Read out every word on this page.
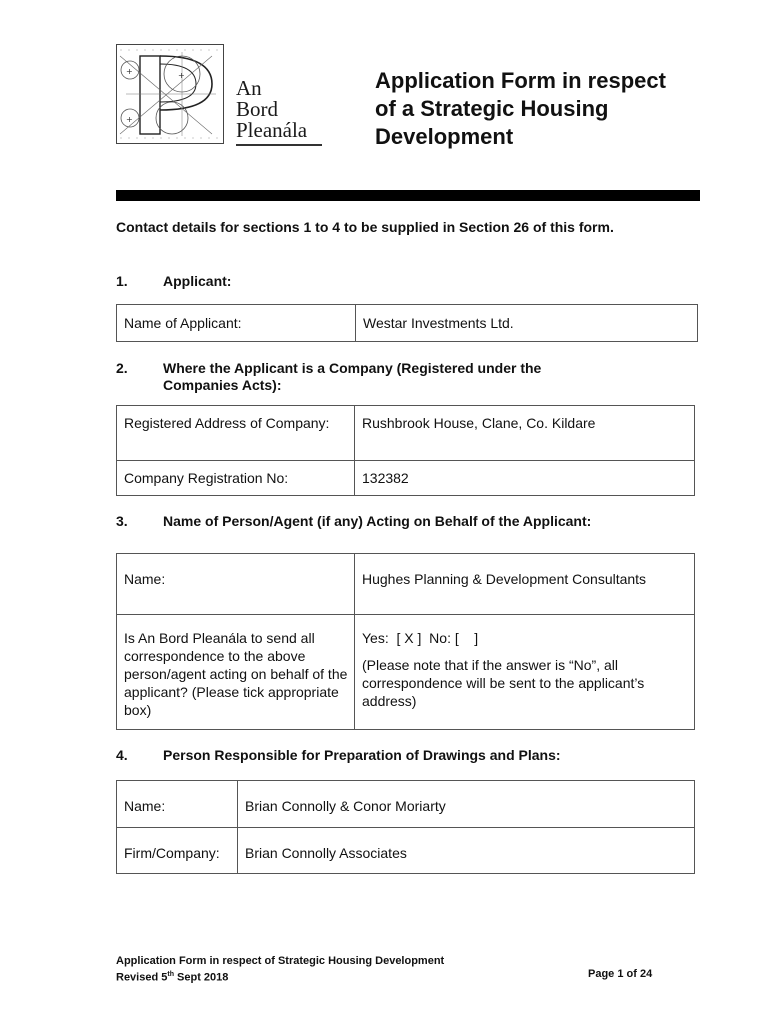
+
+
+
An
Bord
Pleanála
Application Form in respect
of a Strategic Housing
Development
Contact details for sections 1 to 4 to be supplied in Section 26 of this form.
1.	Applicant:
Name of Applicant:	Westar Investments Ltd.
2.	Where the Applicant is a Company (Registered under the Companies Acts):
Registered Address of Company:	Rushbrook House, Clane, Co. Kildare
Company Registration No:	132382
3.	Name of Person/Agent (if any) Acting on Behalf of the Applicant:
Name:	Hughes Planning & Development Consultants
Is An Bord Pleanála to send all correspondence to the above person/agent acting on behalf of the applicant? (Please tick appropriate box)	Yes:  [ X ]  No: [    ]
(Please note that if the answer is “No”, all correspondence will be sent to the applicant’s address)
4.	Person Responsible for Preparation of Drawings and Plans:
Name:	Brian Connolly & Conor Moriarty
Firm/Company:	Brian Connolly Associates
Application Form in respect of Strategic Housing Development
Revised 5th Sept 2018	Page 1 of 24
